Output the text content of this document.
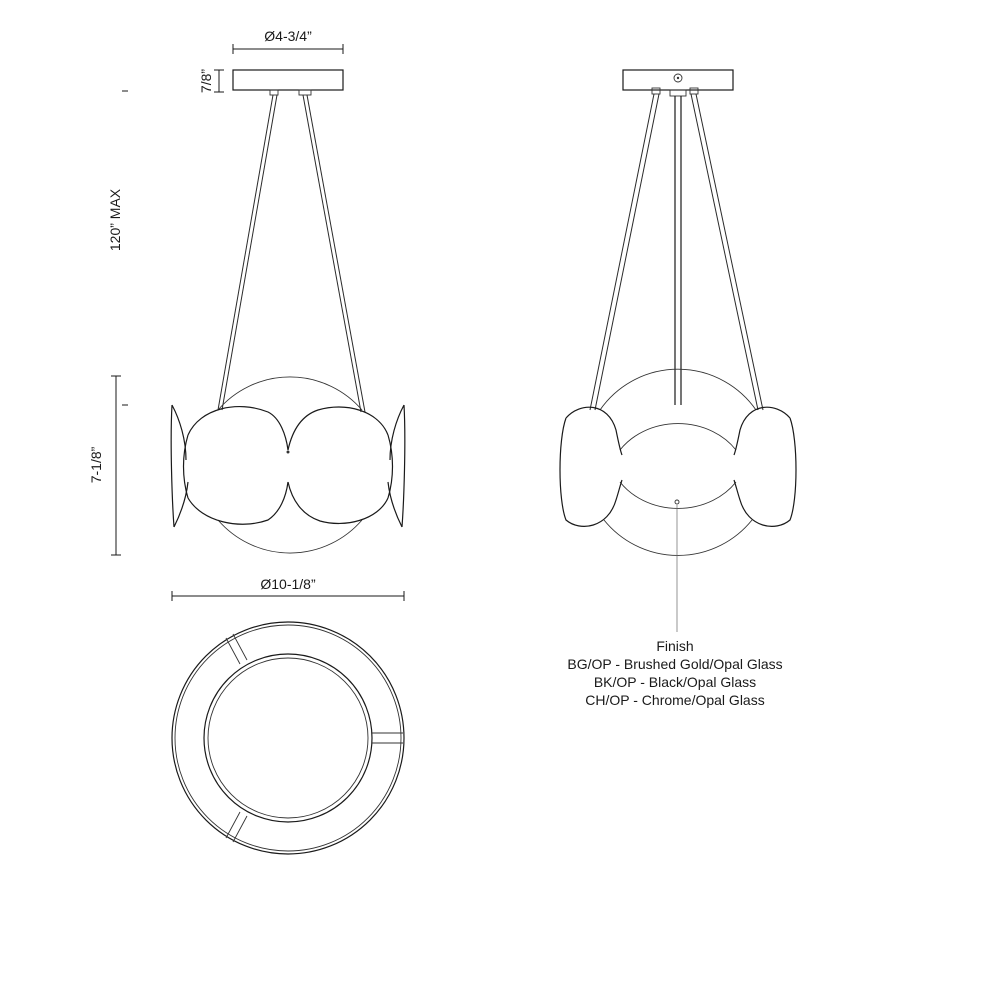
Ø4-3/4”
7/8”
120” MAX
7-1/8”
Ø10-1/8”
Finish
BG/OP - Brushed Gold/Opal Glass
BK/OP - Black/Opal Glass
CH/OP - Chrome/Opal Glass
